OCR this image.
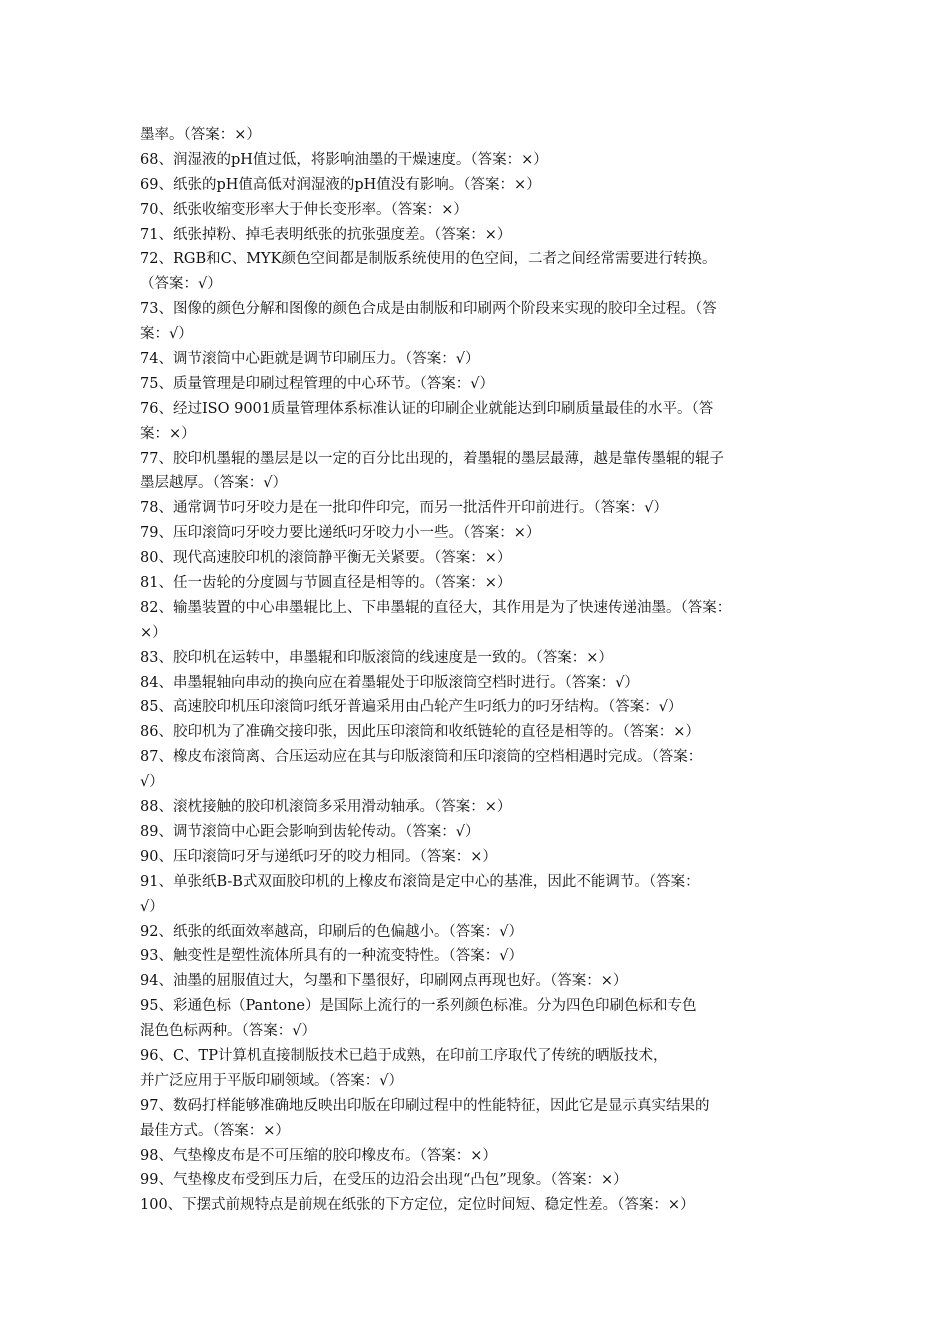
墨率。（答案：×）
68、润湿液的pH值过低，将影响油墨的干燥速度。（答案：×）
69、纸张的pH值高低对润湿液的pH值没有影响。（答案：×）
70、纸张收缩变形率大于伸长变形率。（答案：×）
71、纸张掉粉、掉毛表明纸张的抗张强度差。（答案：×）
72、RGB和C、MYK颜色空间都是制版系统使用的色空间，二者之间经常需要进行转换。
（答案：√）
73、图像的颜色分解和图像的颜色合成是由制版和印刷两个阶段来实现的胶印全过程。（答
案：√）
74、调节滚筒中心距就是调节印刷压力。（答案：√）
75、质量管理是印刷过程管理的中心环节。（答案：√）
76、经过ISO 9001质量管理体系标准认证的印刷企业就能达到印刷质量最佳的水平。（答
案：×）
77、胶印机墨辊的墨层是以一定的百分比出现的，着墨辊的墨层最薄，越是靠传墨辊的辊子
墨层越厚。（答案：√）
78、通常调节叼牙咬力是在一批印件印完，而另一批活件开印前进行。（答案：√）
79、压印滚筒叼牙咬力要比递纸叼牙咬力小一些。（答案：×）
80、现代高速胶印机的滚筒静平衡无关紧要。（答案：×）
81、任一齿轮的分度圆与节圆直径是相等的。（答案：×）
82、输墨装置的中心串墨辊比上、下串墨辊的直径大，其作用是为了快速传递油墨。（答案：
×）
83、胶印机在运转中，串墨辊和印版滚筒的线速度是一致的。（答案：×）
84、串墨辊轴向串动的换向应在着墨辊处于印版滚筒空档时进行。（答案：√）
85、高速胶印机压印滚筒叼纸牙普遍采用由凸轮产生叼纸力的叼牙结构。（答案：√）
86、胶印机为了准确交接印张，因此压印滚筒和收纸链轮的直径是相等的。（答案：×）
87、橡皮布滚筒离、合压运动应在其与印版滚筒和压印滚筒的空档相遇时完成。（答案：
√）
88、滚枕接触的胶印机滚筒多采用滑动轴承。（答案：×）
89、调节滚筒中心距会影响到齿轮传动。（答案：√）
90、压印滚筒叼牙与递纸叼牙的咬力相同。（答案：×）
91、单张纸B-B式双面胶印机的上橡皮布滚筒是定中心的基准，因此不能调节。（答案：
√）
92、纸张的纸面效率越高，印刷后的色偏越小。（答案：√）
93、触变性是塑性流体所具有的一种流变特性。（答案：√）
94、油墨的屈服值过大，匀墨和下墨很好，印刷网点再现也好。（答案：×）
95、彩通色标（Pantone）是国际上流行的一系列颜色标准。分为四色印刷色标和专色
混色色标两种。（答案：√）
96、C、TP计算机直接制版技术已趋于成熟，在印前工序取代了传统的晒版技术，
并广泛应用于平版印刷领域。（答案：√）
97、数码打样能够准确地反映出印版在印刷过程中的性能特征，因此它是显示真实结果的
最佳方式。（答案：×）
98、气垫橡皮布是不可压缩的胶印橡皮布。（答案：×）
99、气垫橡皮布受到压力后，在受压的边沿会出现“凸包”现象。（答案：×）
100、下摆式前规特点是前规在纸张的下方定位，定位时间短、稳定性差。（答案：×）
